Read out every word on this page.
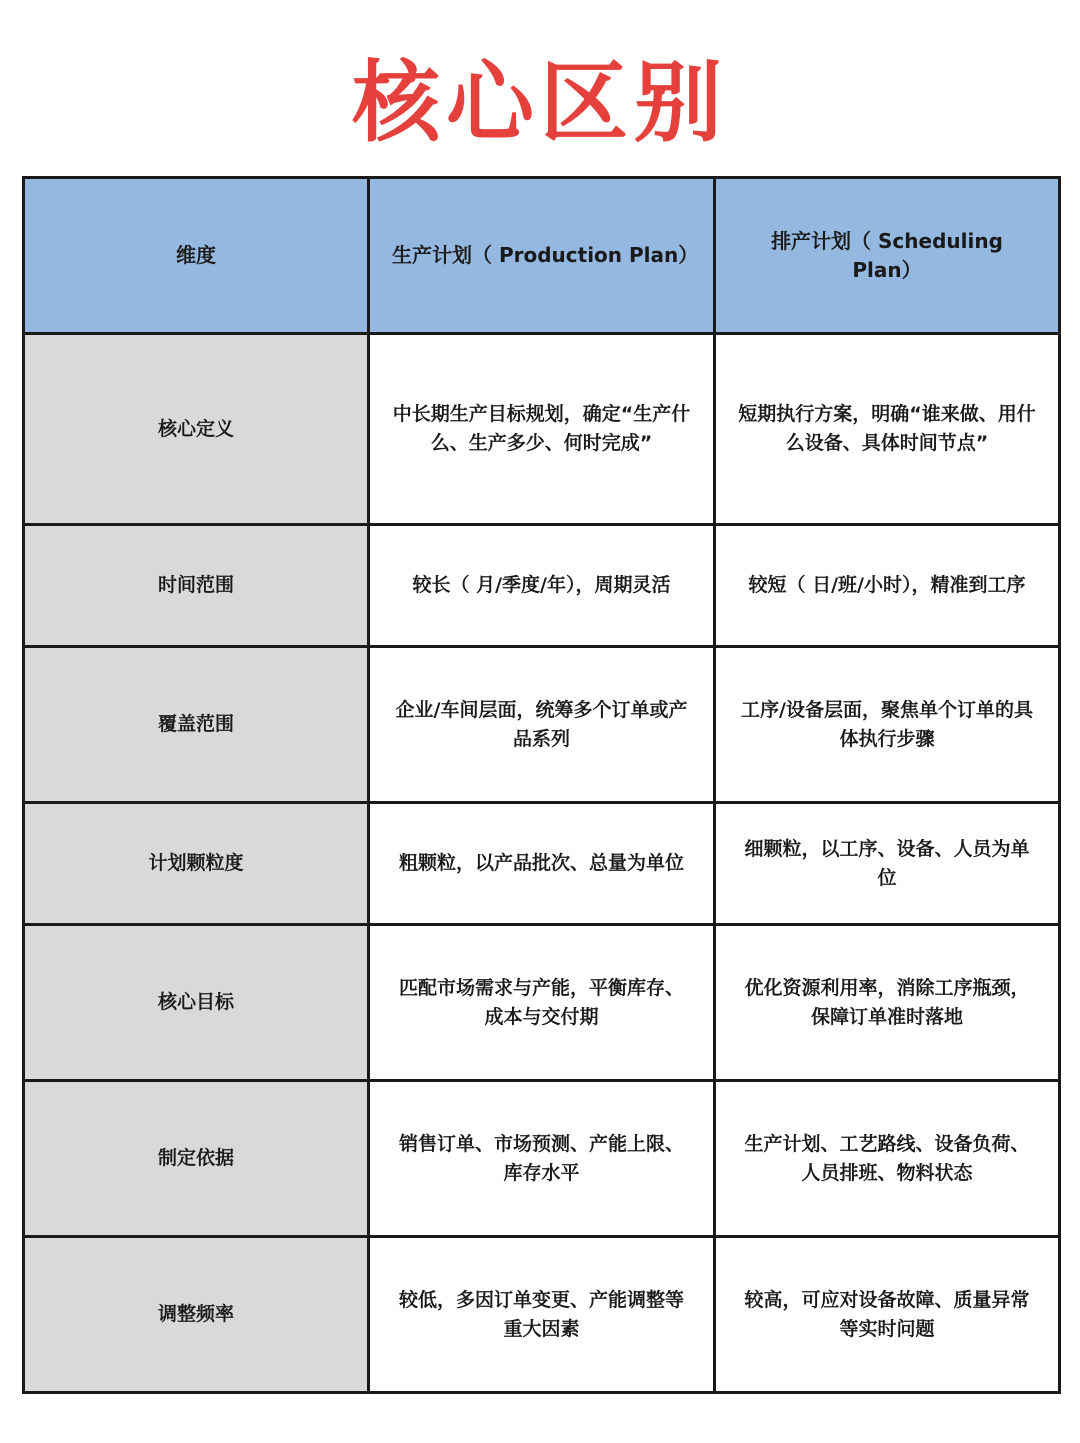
核心区别
维度	生产计划（ Production Plan）	排产计划（ Scheduling Plan）
核心定义	中长期生产目标规划，确定“生产什么、生产多少、何时完成”	短期执行方案，明确“谁来做、用什么设备、具体时间节点”
时间范围	较长（ 月/季度/年），周期灵活	较短（ 日/班/小时），精准到工序
覆盖范围	企业/车间层面，统筹多个订单或产品系列	工序/设备层面，聚焦单个订单的具体执行步骤
计划颗粒度	粗颗粒，以产品批次、总量为单位	细颗粒，以工序、设备、人员为单位
核心目标	匹配市场需求与产能，平衡库存、成本与交付期	优化资源利用率，消除工序瓶颈，保障订单准时落地
制定依据	销售订单、市场预测、产能上限、库存水平	生产计划、工艺路线、设备负荷、人员排班、物料状态
调整频率	较低，多因订单变更、产能调整等重大因素	较高，可应对设备故障、质量异常等实时问题
